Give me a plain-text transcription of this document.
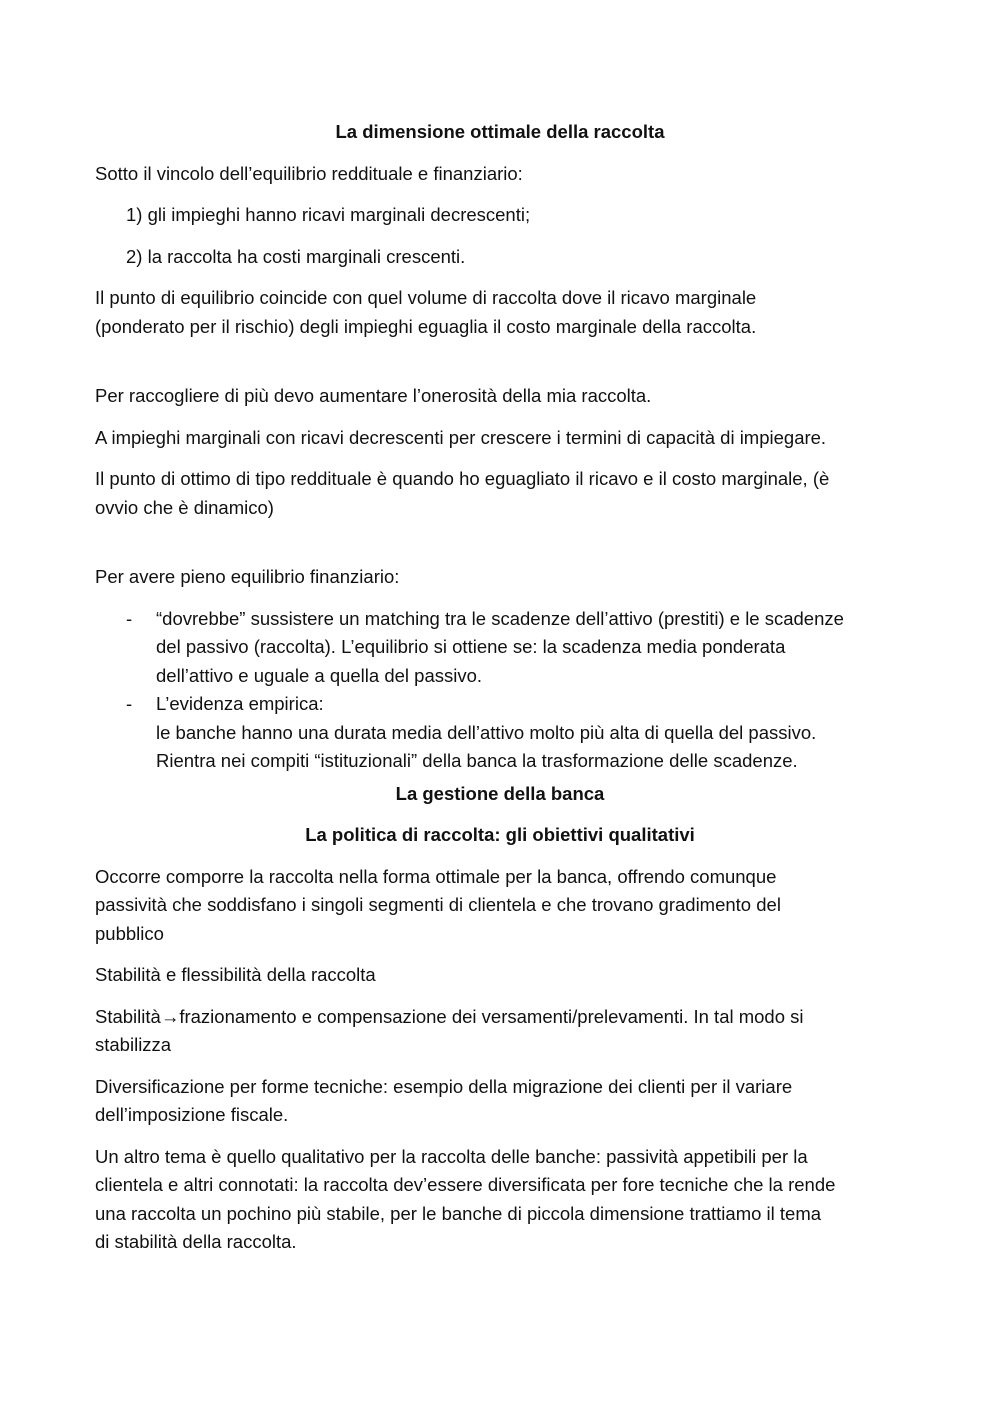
La dimensione ottimale della raccolta
Sotto il vincolo dell’equilibrio reddituale e finanziario:
1) gli impieghi hanno ricavi marginali decrescenti;
2) la raccolta ha costi marginali crescenti.
Il punto di equilibrio coincide con quel volume di raccolta dove il ricavo marginale
(ponderato per il rischio) degli impieghi eguaglia il costo marginale della raccolta.
Per raccogliere di più devo aumentare l’onerosità della mia raccolta.
A impieghi marginali con ricavi decrescenti per crescere i termini di capacità di impiegare.
Il punto di ottimo di tipo reddituale è quando ho eguagliato il ricavo e il costo marginale, (è
ovvio che è dinamico)
Per avere pieno equilibrio finanziario:
- “dovrebbe” sussistere un matching tra le scadenze dell’attivo (prestiti) e le scadenze
del passivo (raccolta). L’equilibrio si ottiene se: la scadenza media ponderata
dell’attivo e uguale a quella del passivo.
- L’evidenza empirica:
le banche hanno una durata media dell’attivo molto più alta di quella del passivo.
Rientra nei compiti “istituzionali” della banca la trasformazione delle scadenze.
La gestione della banca
La politica di raccolta: gli obiettivi qualitativi
Occorre comporre la raccolta nella forma ottimale per la banca, offrendo comunque
passività che soddisfano i singoli segmenti di clientela e che trovano gradimento del
pubblico
Stabilità e flessibilità della raccolta
Stabilità→frazionamento e compensazione dei versamenti/prelevamenti. In tal modo si
stabilizza
Diversificazione per forme tecniche: esempio della migrazione dei clienti per il variare
dell’imposizione fiscale.
Un altro tema è quello qualitativo per la raccolta delle banche: passività appetibili per la
clientela e altri connotati: la raccolta dev’essere diversificata per fore tecniche che la rende
una raccolta un pochino più stabile, per le banche di piccola dimensione trattiamo il tema
di stabilità della raccolta.
